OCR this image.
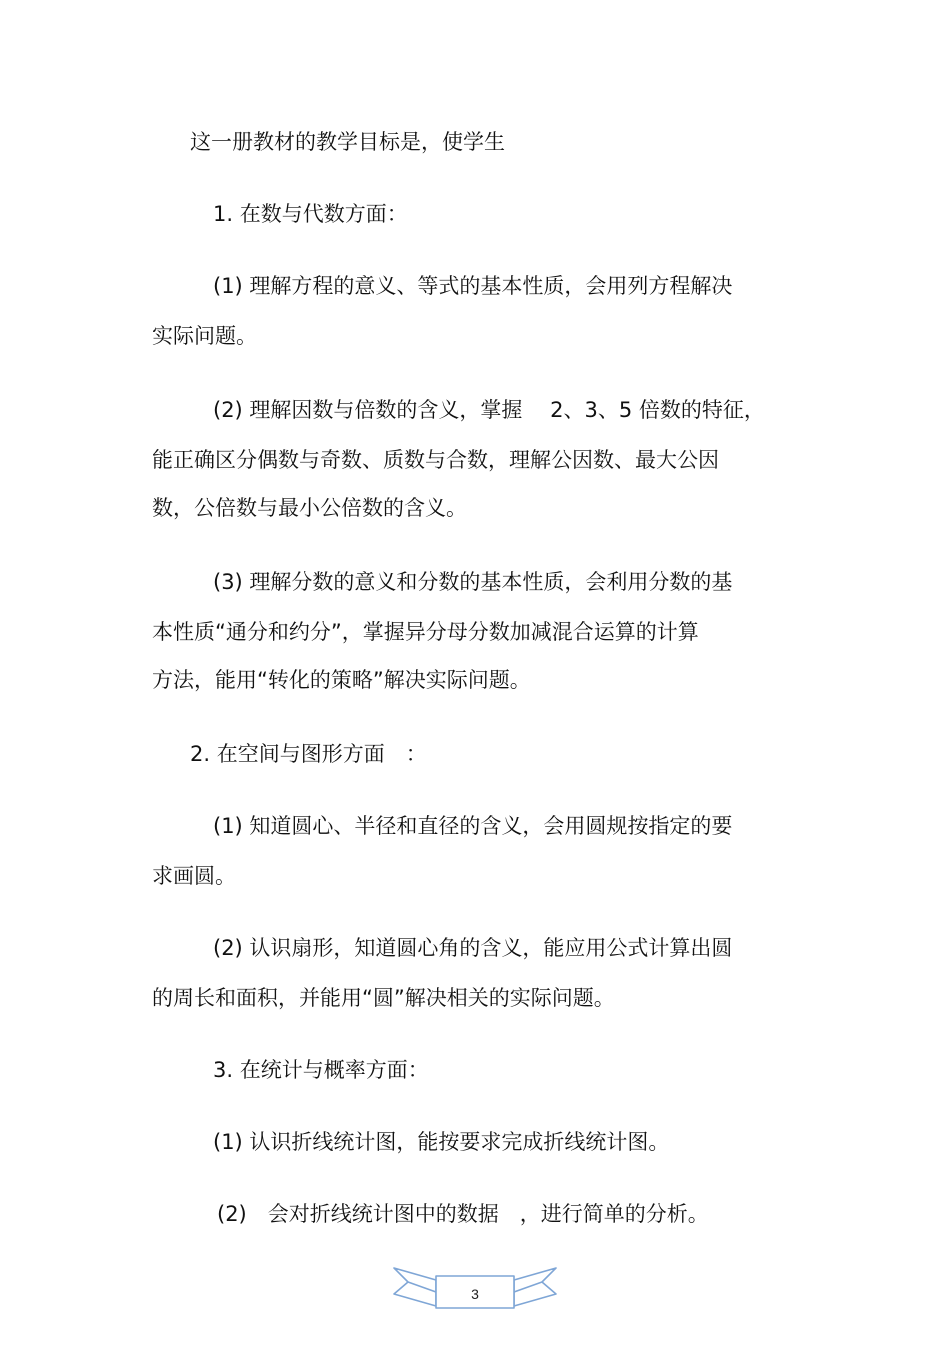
这一册教材的教学目标是，使学生
1. 在数与代数方面：
(1) 理解方程的意义、等式的基本性质，会用列方程解决
实际问题。
(2) 理解因数与倍数的含义，掌握　 2、3、5 倍数的特征，
能正确区分偶数与奇数、质数与合数，理解公因数、最大公因
数，公倍数与最小公倍数的含义。
(3) 理解分数的意义和分数的基本性质，会利用分数的基
本性质“通分和约分”，掌握异分母分数加减混合运算的计算
方法，能用“转化的策略”解决实际问题。
2. 在空间与图形方面　：
(1) 知道圆心、半径和直径的含义，会用圆规按指定的要
求画圆。
(2) 认识扇形，知道圆心角的含义，能应用公式计算出圆
的周长和面积，并能用“圆”解决相关的实际问题。
3. 在统计与概率方面：
(1) 认识折线统计图，能按要求完成折线统计图。
(2)　会对折线统计图中的数据　，进行简单的分析。
3
